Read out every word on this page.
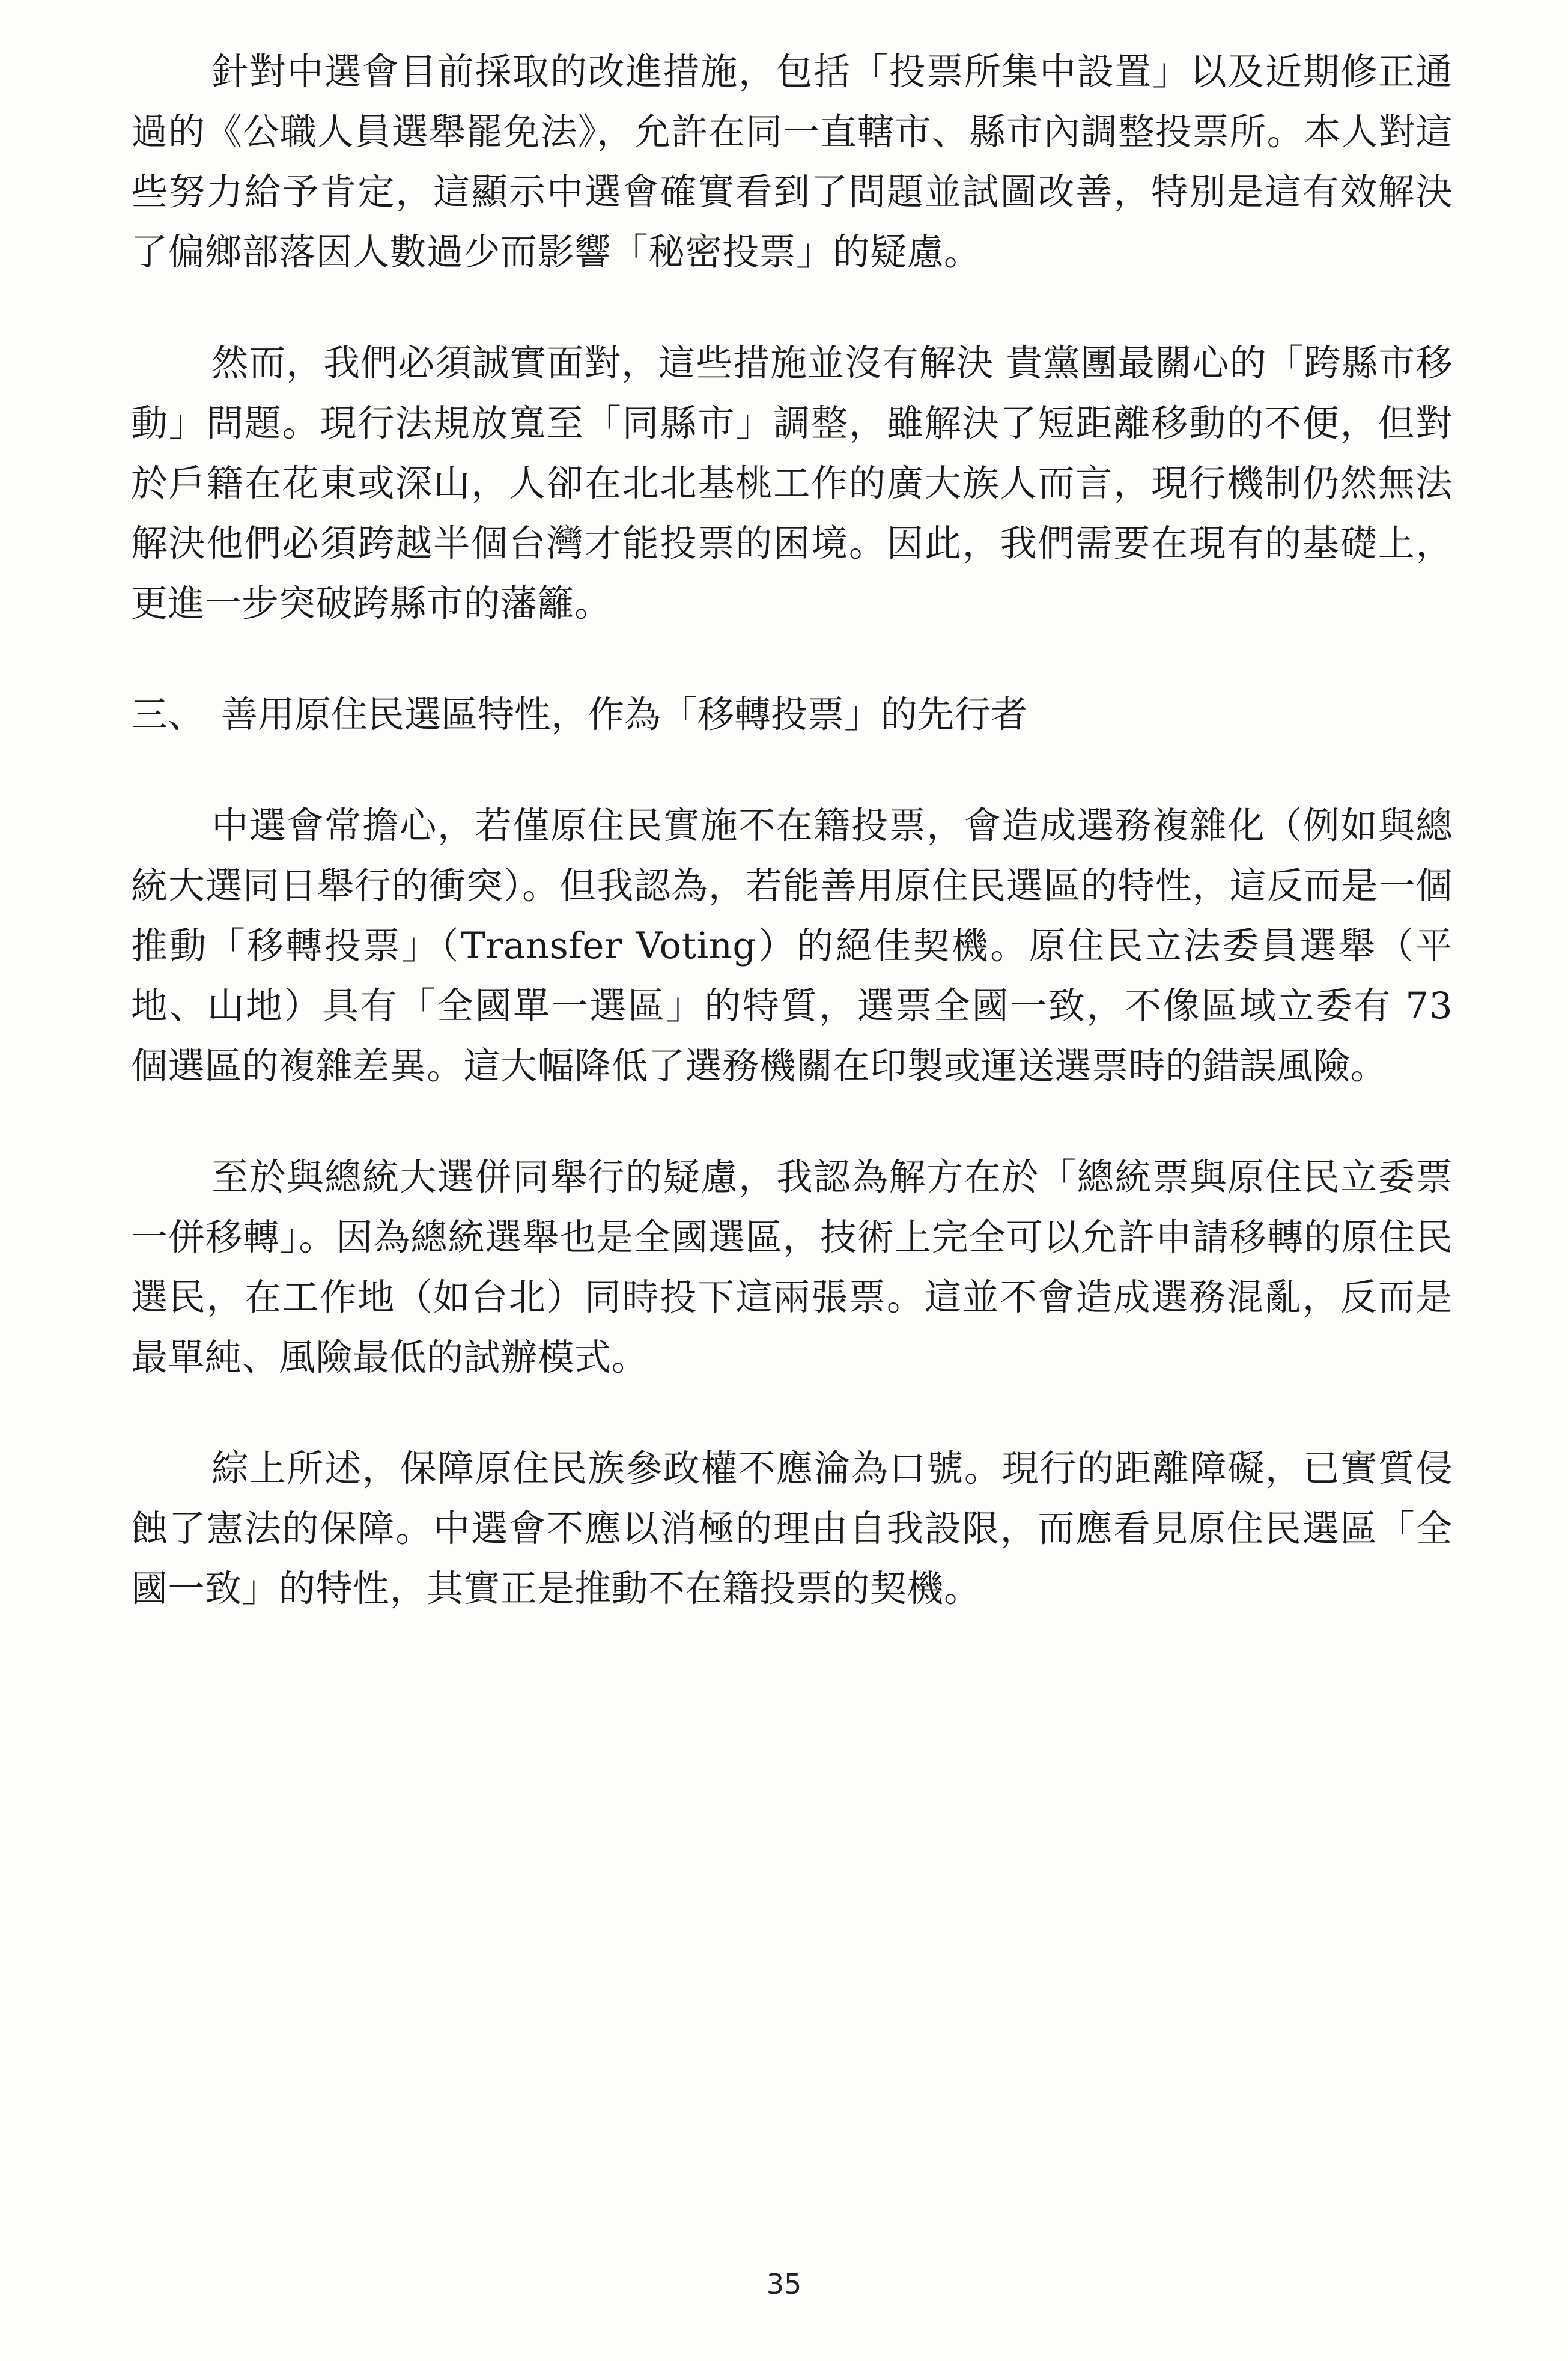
針對中選會目前採取的改進措施，包括「投票所集中設置」以及近期修正通過的《公職人員選舉罷免法》，允許在同一直轄市、縣市內調整投票所。本人對這些努力給予肯定，這顯示中選會確實看到了問題並試圖改善，特別是這有效解決了偏鄉部落因人數過少而影響「秘密投票」的疑慮。

然而，我們必須誠實面對，這些措施並沒有解決 貴黨團最關心的「跨縣市移動」問題。現行法規放寬至「同縣市」調整，雖解決了短距離移動的不便，但對於戶籍在花東或深山，人卻在北北基桃工作的廣大族人而言，現行機制仍然無法解決他們必須跨越半個台灣才能投票的困境。因此，我們需要在現有的基礎上，更進一步突破跨縣市的藩籬。

三、 善用原住民選區特性，作為「移轉投票」的先行者

中選會常擔心，若僅原住民實施不在籍投票，會造成選務複雜化（例如與總統大選同日舉行的衝突）。但我認為，若能善用原住民選區的特性，這反而是一個推動「移轉投票」（Transfer Voting）的絕佳契機。原住民立法委員選舉（平地、山地）具有「全國單一選區」的特質，選票全國一致，不像區域立委有 73 個選區的複雜差異。這大幅降低了選務機關在印製或運送選票時的錯誤風險。

至於與總統大選併同舉行的疑慮，我認為解方在於「總統票與原住民立委票一併移轉」。因為總統選舉也是全國選區，技術上完全可以允許申請移轉的原住民選民，在工作地（如台北）同時投下這兩張票。這並不會造成選務混亂，反而是最單純、風險最低的試辦模式。

綜上所述，保障原住民族參政權不應淪為口號。現行的距離障礙，已實質侵蝕了憲法的保障。中選會不應以消極的理由自我設限，而應看見原住民選區「全國一致」的特性，其實正是推動不在籍投票的契機。

35
